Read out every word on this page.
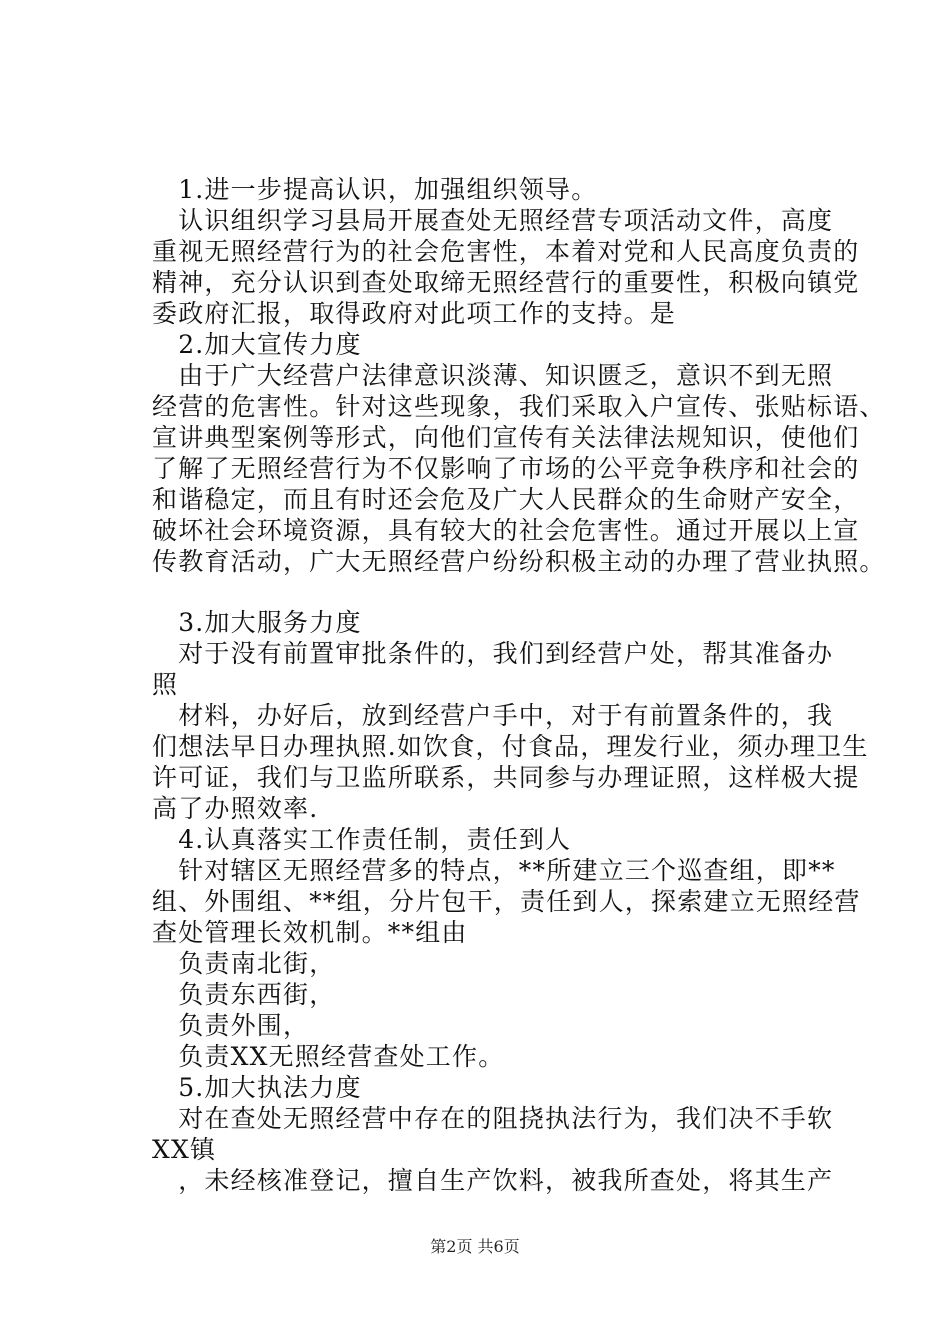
　1.进一步提高认识，加强组织领导。
　认识组织学习县局开展查处无照经营专项活动文件，高度
重视无照经营行为的社会危害性，本着对党和人民高度负责的
精神，充分认识到查处取缔无照经营行的重要性，积极向镇党
委政府汇报，取得政府对此项工作的支持。是
　2.加大宣传力度
　由于广大经营户法律意识淡薄、知识匮乏，意识不到无照
经营的危害性。针对这些现象，我们采取入户宣传、张贴标语、
宣讲典型案例等形式，向他们宣传有关法律法规知识，使他们
了解了无照经营行为不仅影响了市场的公平竞争秩序和社会的
和谐稳定，而且有时还会危及广大人民群众的生命财产安全，
破坏社会环境资源，具有较大的社会危害性。通过开展以上宣
传教育活动，广大无照经营户纷纷积极主动的办理了营业执照。
　3.加大服务力度
　对于没有前置审批条件的，我们到经营户处，帮其准备办
照
　材料，办好后，放到经营户手中，对于有前置条件的，我
们想法早日办理执照.如饮食，付食品，理发行业，须办理卫生
许可证，我们与卫监所联系，共同参与办理证照，这样极大提
高了办照效率.
　4.认真落实工作责任制，责任到人
　针对辖区无照经营多的特点，**所建立三个巡查组，即**
组、外围组、**组，分片包干，责任到人，探索建立无照经营
查处管理长效机制。**组由
　负责南北街，
　负责东西街，
　负责外围，
　负责XX无照经营查处工作。
　5.加大执法力度
　对在查处无照经营中存在的阻挠执法行为，我们决不手软
XX镇
　，未经核准登记，擅自生产饮料，被我所查处，将其生产
第2页 共6页
